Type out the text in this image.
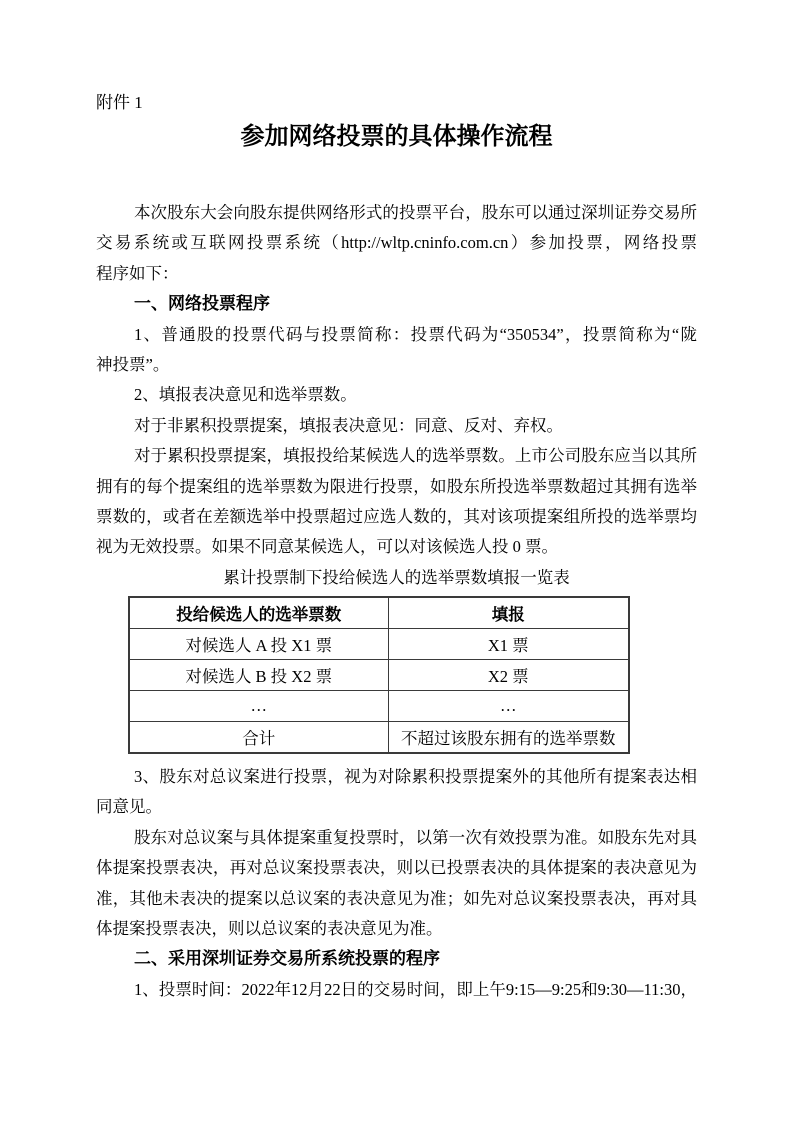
附件 1
参加网络投票的具体操作流程
本次股东大会向股东提供网络形式的投票平台，股东可以通过深圳证券交易所
交易系统或互联网投票系统（http://wltp.cninfo.com.cn）参加投票，网络投票
程序如下：
一、网络投票程序
1、普通股的投票代码与投票简称：投票代码为“350534”，投票简称为“陇
神投票”。
2、填报表决意见和选举票数。
对于非累积投票提案，填报表决意见：同意、反对、弃权。
对于累积投票提案，填报投给某候选人的选举票数。上市公司股东应当以其所
拥有的每个提案组的选举票数为限进行投票，如股东所投选举票数超过其拥有选举
票数的，或者在差额选举中投票超过应选人数的，其对该项提案组所投的选举票均
视为无效投票。如果不同意某候选人，可以对该候选人投 0 票。
累计投票制下投给候选人的选举票数填报一览表
投给候选人的选举票数	填报
对候选人 A 投 X1 票	X1 票
对候选人 B 投 X2 票	X2 票
…	…
合计	不超过该股东拥有的选举票数
3、股东对总议案进行投票，视为对除累积投票提案外的其他所有提案表达相
同意见。
股东对总议案与具体提案重复投票时，以第一次有效投票为准。如股东先对具
体提案投票表决，再对总议案投票表决，则以已投票表决的具体提案的表决意见为
准，其他未表决的提案以总议案的表决意见为准；如先对总议案投票表决，再对具
体提案投票表决，则以总议案的表决意见为准。
二、采用深圳证券交易所系统投票的程序
1、投票时间：2022年12月22日的交易时间，即上午9:15—9:25和9:30—11:30，
